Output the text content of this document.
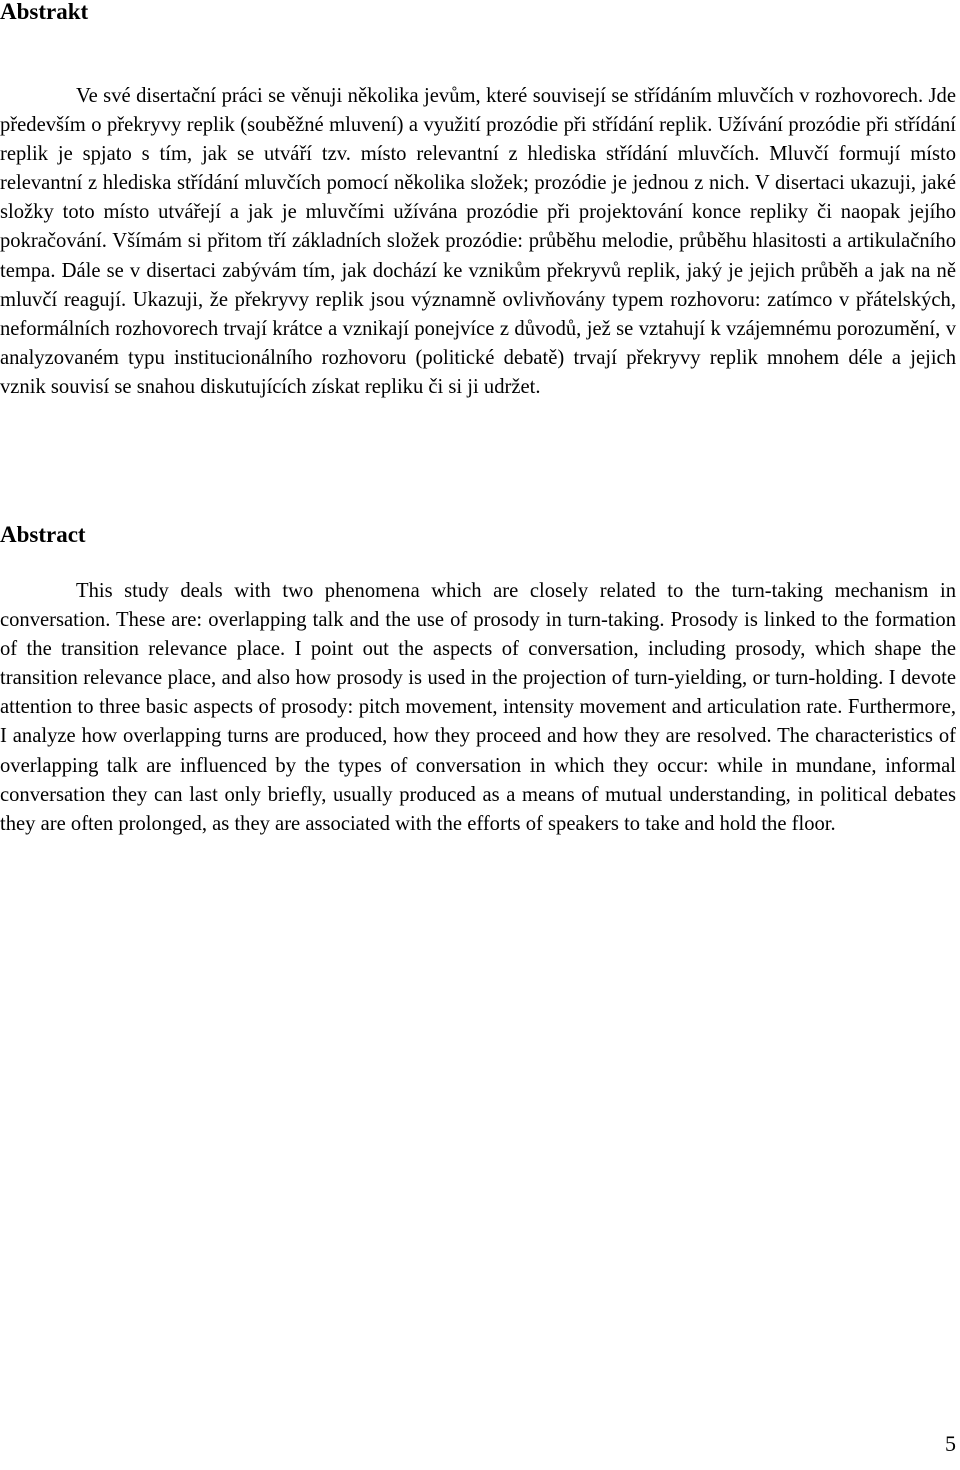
Abstrakt

Ve své disertační práci se věnuji několika jevům, které souvisejí se střídáním mluvčích v rozhovorech. Jde především o překryvy replik (souběžné mluvení) a využití prozódie při střídání replik. Užívání prozódie při střídání replik je spjato s tím, jak se utváří tzv. místo relevantní z hlediska střídání mluvčích. Mluvčí formují místo relevantní z hlediska střídání mluvčích pomocí několika složek; prozódie je jednou z nich. V disertaci ukazuji, jaké složky toto místo utvářejí a jak je mluvčími užívána prozódie při projektování konce repliky či naopak jejího pokračování. Všímám si přitom tří základních složek prozódie: průběhu melodie, průběhu hlasitosti a artikulačního tempa. Dále se v disertaci zabývám tím, jak dochází ke vznikům překryvů replik, jaký je jejich průběh a jak na ně mluvčí reagují. Ukazuji, že překryvy replik jsou významně ovlivňovány typem rozhovoru: zatímco v přátelských, neformálních rozhovorech trvají krátce a vznikají ponejvíce z důvodů, jež se vztahují k vzájemnému porozumění, v analyzovaném typu institucionálního rozhovoru (politické debatě) trvají překryvy replik mnohem déle a jejich vznik souvisí se snahou diskutujících získat repliku či si ji udržet.

Abstract

This study deals with two phenomena which are closely related to the turn-taking mechanism in conversation. These are: overlapping talk and the use of prosody in turn-taking. Prosody is linked to the formation of the transition relevance place. I point out the aspects of conversation, including prosody, which shape the transition relevance place, and also how prosody is used in the projection of turn-yielding, or turn-holding. I devote attention to three basic aspects of prosody: pitch movement, intensity movement and articulation rate. Furthermore, I analyze how overlapping turns are produced, how they proceed and how they are resolved. The characteristics of overlapping talk are influenced by the types of conversation in which they occur: while in mundane, informal conversation they can last only briefly, usually produced as a means of mutual understanding, in political debates they are often prolonged, as they are associated with the efforts of speakers to take and hold the floor.

5
